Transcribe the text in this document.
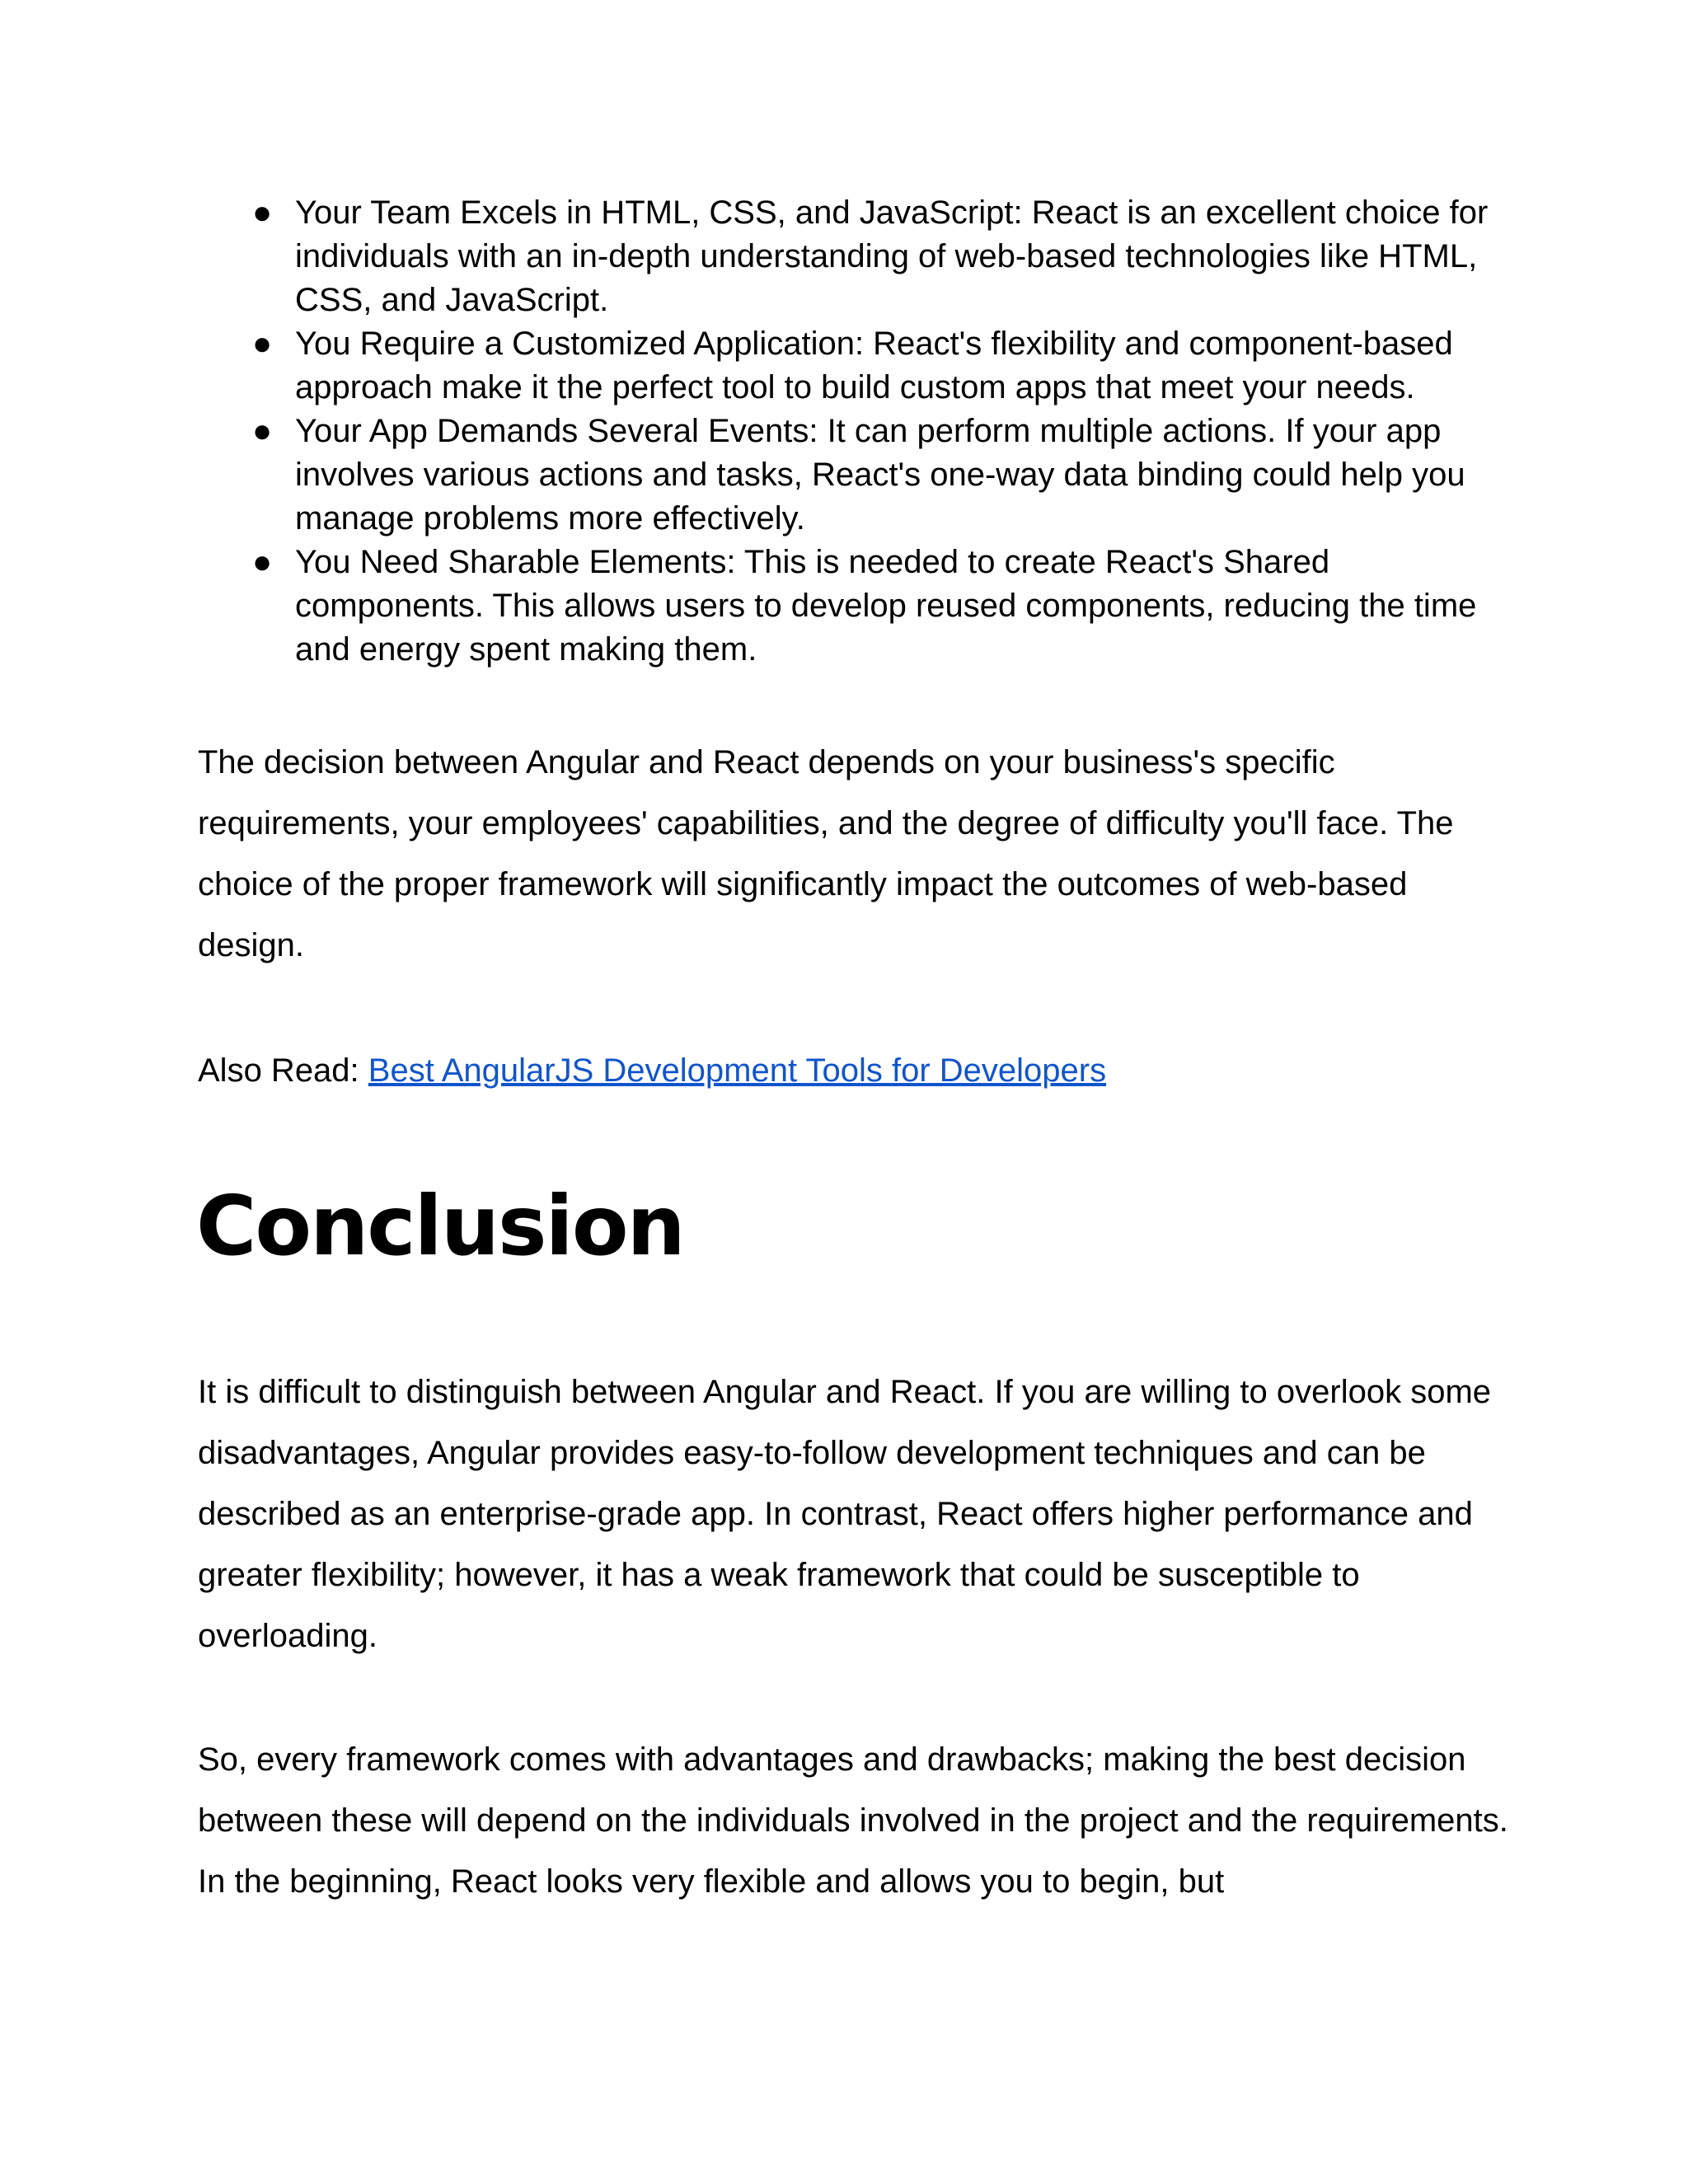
● Your Team Excels in HTML, CSS, and JavaScript: React is an excellent choice for individuals with an in-depth understanding of web-based technologies like HTML, CSS, and JavaScript.
● You Require a Customized Application: React's flexibility and component-based approach make it the perfect tool to build custom apps that meet your needs.
● Your App Demands Several Events: It can perform multiple actions. If your app involves various actions and tasks, React's one-way data binding could help you manage problems more effectively.
● You Need Sharable Elements: This is needed to create React's Shared components. This allows users to develop reused components, reducing the time and energy spent making them.

The decision between Angular and React depends on your business's specific requirements, your employees' capabilities, and the degree of difficulty you'll face. The choice of the proper framework will significantly impact the outcomes of web-based design.

Also Read: Best AngularJS Development Tools for Developers

Conclusion

It is difficult to distinguish between Angular and React. If you are willing to overlook some disadvantages, Angular provides easy-to-follow development techniques and can be described as an enterprise-grade app. In contrast, React offers higher performance and greater flexibility; however, it has a weak framework that could be susceptible to overloading.

So, every framework comes with advantages and drawbacks; making the best decision between these will depend on the individuals involved in the project and the requirements. In the beginning, React looks very flexible and allows you to begin, but
